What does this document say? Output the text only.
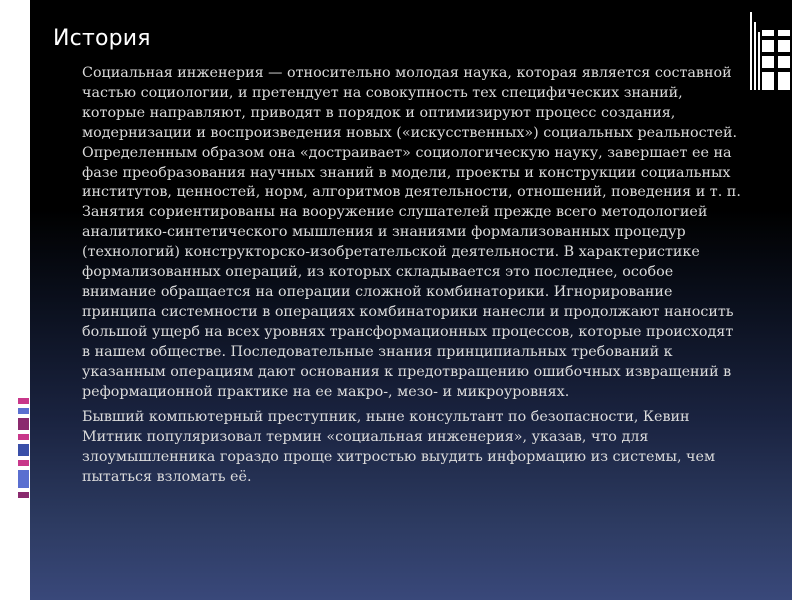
История

Социальная инженерия — относительно молодая наука, которая является составной частью социологии, и претендует на совокупность тех специфических знаний, которые направляют, приводят в порядок и оптимизируют процесс создания, модернизации и воспроизведения новых («искусственных») социальных реальностей. Определенным образом она «достраивает» социологическую науку, завершает ее на фазе преобразования научных знаний в модели, проекты и конструкции социальных институтов, ценностей, норм, алгоритмов деятельности, отношений, поведения и т. п. Занятия сориентированы на вооружение слушателей прежде всего методологией аналитико-синтетического мышления и знаниями формализованных процедур (технологий) конструкторско-изобретательской деятельности. В характеристике формализованных операций, из которых складывается это последнее, особое внимание обращается на операции сложной комбинаторики. Игнорирование принципа системности в операциях комбинаторики нанесли и продолжают наносить большой ущерб на всех уровнях трансформационных процессов, которые происходят в нашем обществе. Последовательные знания принципиальных требований к указанным операциям дают основания к предотвращению ошибочных извращений в реформационной практике на ее макро-, мезо- и микроуровнях.

Бывший компьютерный преступник, ныне консультант по безопасности, Кевин Митник популяризовал термин «социальная инженерия», указав, что для злоумышленника гораздо проще хитростью выудить информацию из системы, чем пытаться взломать её.
